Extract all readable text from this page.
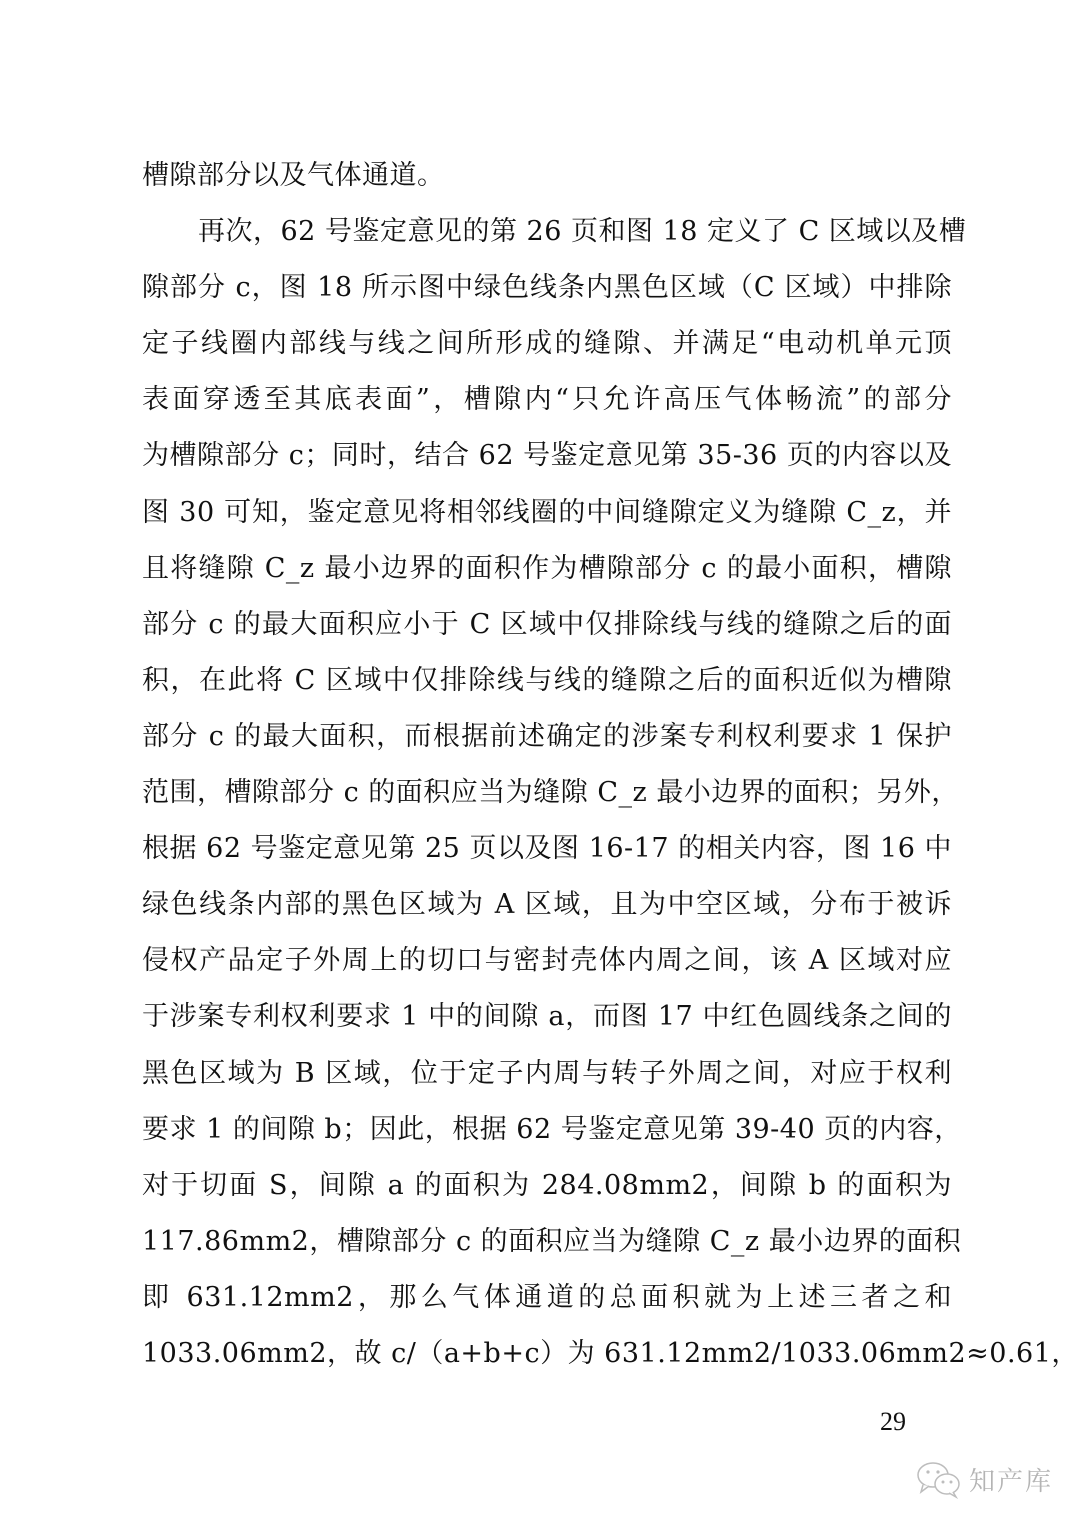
槽隙部分以及气体通道。
再次，62 号鉴定意见的第 26 页和图 18 定义了 C 区域以及槽
隙部分 c，图 18 所示图中绿色线条内黑色区域（C 区域）中排除
定子线圈内部线与线之间所形成的缝隙、并满足“电动机单元顶
表面穿透至其底表面”，槽隙内“只允许高压气体畅流”的部分
为槽隙部分 c；同时，结合 62 号鉴定意见第 35-36 页的内容以及
图 30 可知，鉴定意见将相邻线圈的中间缝隙定义为缝隙 C_z，并
且将缝隙 C_z 最小边界的面积作为槽隙部分 c 的最小面积，槽隙
部分 c 的最大面积应小于 C 区域中仅排除线与线的缝隙之后的面
积，在此将 C 区域中仅排除线与线的缝隙之后的面积近似为槽隙
部分 c 的最大面积，而根据前述确定的涉案专利权利要求 1 保护
范围，槽隙部分 c 的面积应当为缝隙 C_z 最小边界的面积；另外，
根据 62 号鉴定意见第 25 页以及图 16-17 的相关内容，图 16 中
绿色线条内部的黑色区域为 A 区域，且为中空区域，分布于被诉
侵权产品定子外周上的切口与密封壳体内周之间，该 A 区域对应
于涉案专利权利要求 1 中的间隙 a，而图 17 中红色圆线条之间的
黑色区域为 B 区域，位于定子内周与转子外周之间，对应于权利
要求 1 的间隙 b；因此，根据 62 号鉴定意见第 39-40 页的内容，
对于切面 S，间隙 a 的面积为 284.08mm2，间隙 b 的面积为
117.86mm2，槽隙部分 c 的面积应当为缝隙 C_z 最小边界的面积
即 631.12mm2，那么气体通道的总面积就为上述三者之和
1033.06mm2，故 c/（a+b+c）为 631.12mm2/1033.06mm2≈0.61，
29
知产库
